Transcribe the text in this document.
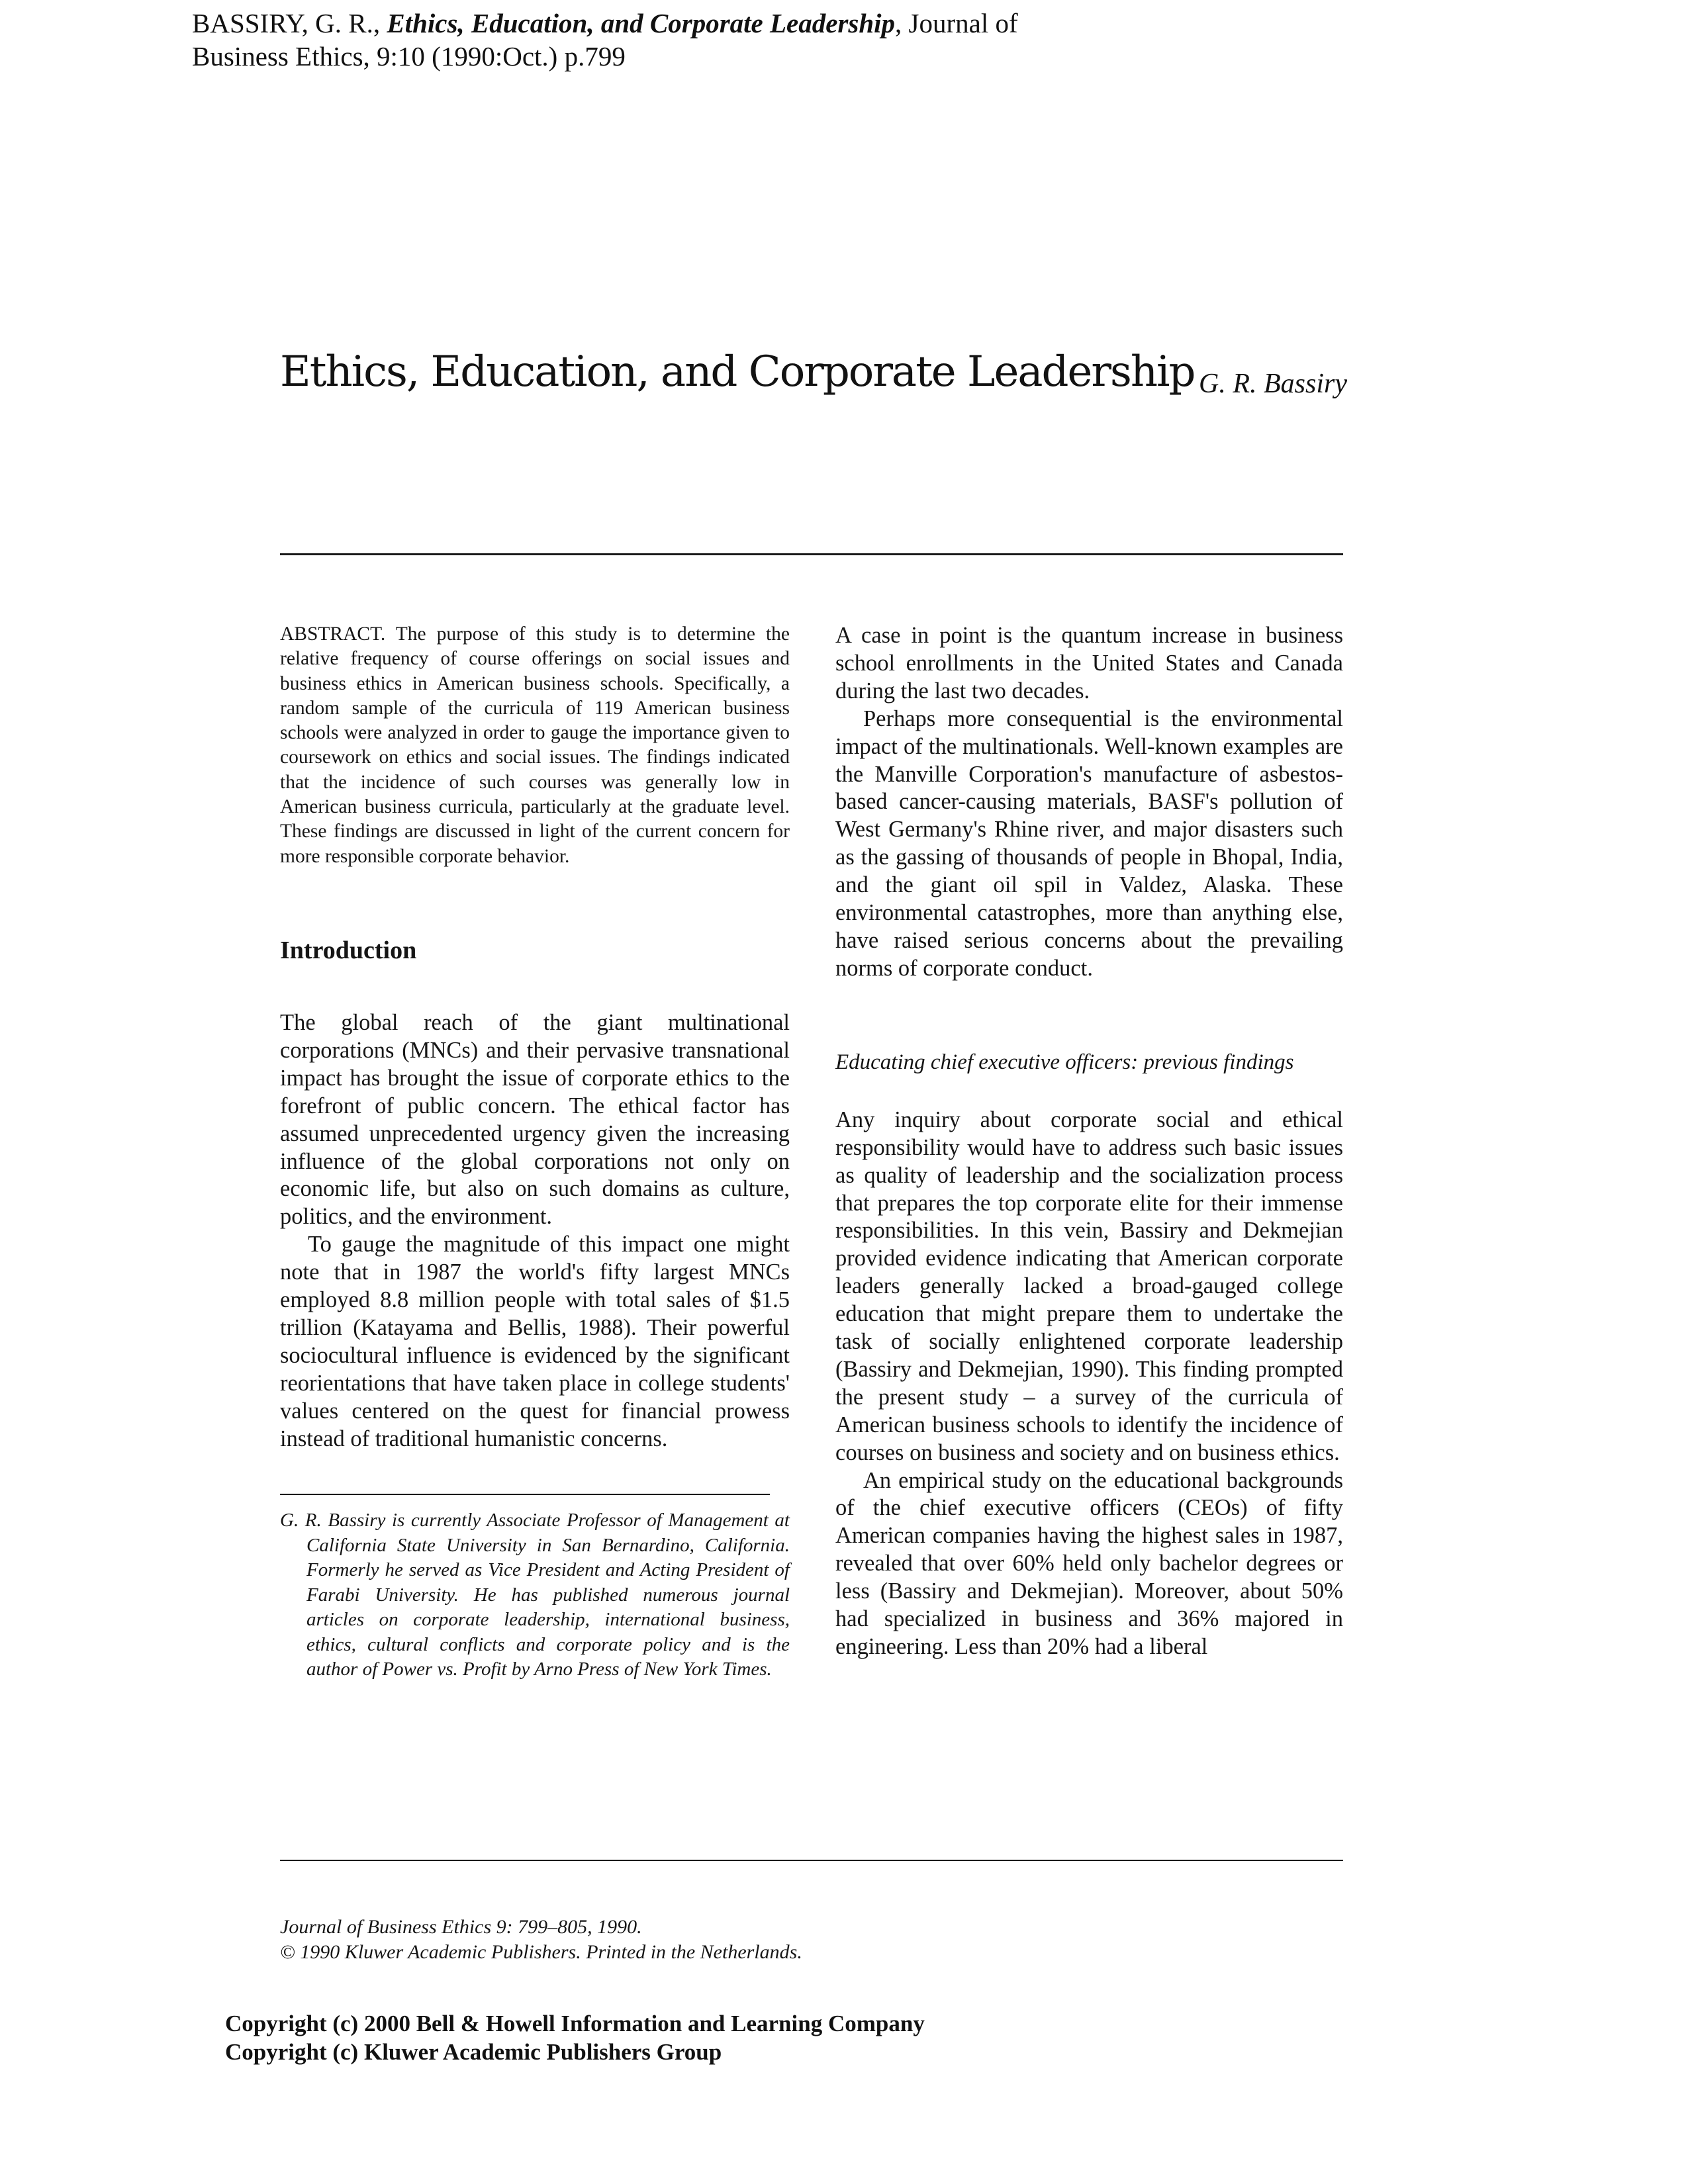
BASSIRY, G. R., Ethics, Education, and Corporate Leadership, Journal of
Business Ethics, 9:10 (1990:Oct.) p.799
Ethics, Education, and Corporate Leadership G. R. Bassiry

ABSTRACT. The purpose of this study is to determine the relative frequency of course offerings on social issues and business ethics in American business schools. Specifically, a random sample of the curricula of 119 American business schools were analyzed in order to gauge the importance given to coursework on ethics and social issues. The findings indicated that the incidence of such courses was generally low in American business curricula, particularly at the graduate level. These findings are discussed in light of the current concern for more responsible corporate behavior.

Introduction

The global reach of the giant multinational corporations (MNCs) and their pervasive transnational impact has brought the issue of corporate ethics to the forefront of public concern. The ethical factor has assumed unprecedented urgency given the increasing influence of the global corporations not only on economic life, but also on such domains as culture, politics, and the environment.

To gauge the magnitude of this impact one might note that in 1987 the world's fifty largest MNCs employed 8.8 million people with total sales of $1.5 trillion (Katayama and Bellis, 1988). Their powerful sociocultural influence is evidenced by the significant reorientations that have taken place in college students' values centered on the quest for financial prowess instead of traditional humanistic concerns.

G. R. Bassiry is currently Associate Professor of Management at California State University in San Bernardino, California. Formerly he served as Vice President and Acting President of Farabi University. He has published numerous journal articles on corporate leadership, international business, ethics, cultural conflicts and corporate policy and is the author of Power vs. Profit by Arno Press of New York Times.

A case in point is the quantum increase in business school enrollments in the United States and Canada during the last two decades.

Perhaps more consequential is the environmental impact of the multinationals. Well-known examples are the Manville Corporation's manufacture of asbestos-based cancer-causing materials, BASF's pollution of West Germany's Rhine river, and major disasters such as the gassing of thousands of people in Bhopal, India, and the giant oil spil in Valdez, Alaska. These environmental catastrophes, more than anything else, have raised serious concerns about the prevailing norms of corporate conduct.

Educating chief executive officers: previous findings

Any inquiry about corporate social and ethical responsibility would have to address such basic issues as quality of leadership and the socialization process that prepares the top corporate elite for their immense responsibilities. In this vein, Bassiry and Dekmejian provided evidence indicating that American corporate leaders generally lacked a broad-gauged college education that might prepare them to undertake the task of socially enlightened corporate leadership (Bassiry and Dekmejian, 1990). This finding prompted the present study – a survey of the curricula of American business schools to identify the incidence of courses on business and society and on business ethics.

An empirical study on the educational backgrounds of the chief executive officers (CEOs) of fifty American companies having the highest sales in 1987, revealed that over 60% held only bachelor degrees or less (Bassiry and Dekmejian). Moreover, about 50% had specialized in business and 36% majored in engineering. Less than 20% had a liberal

Journal of Business Ethics 9: 799–805, 1990.
© 1990 Kluwer Academic Publishers. Printed in the Netherlands.
Copyright (c) 2000 Bell & Howell Information and Learning Company
Copyright (c) Kluwer Academic Publishers Group
